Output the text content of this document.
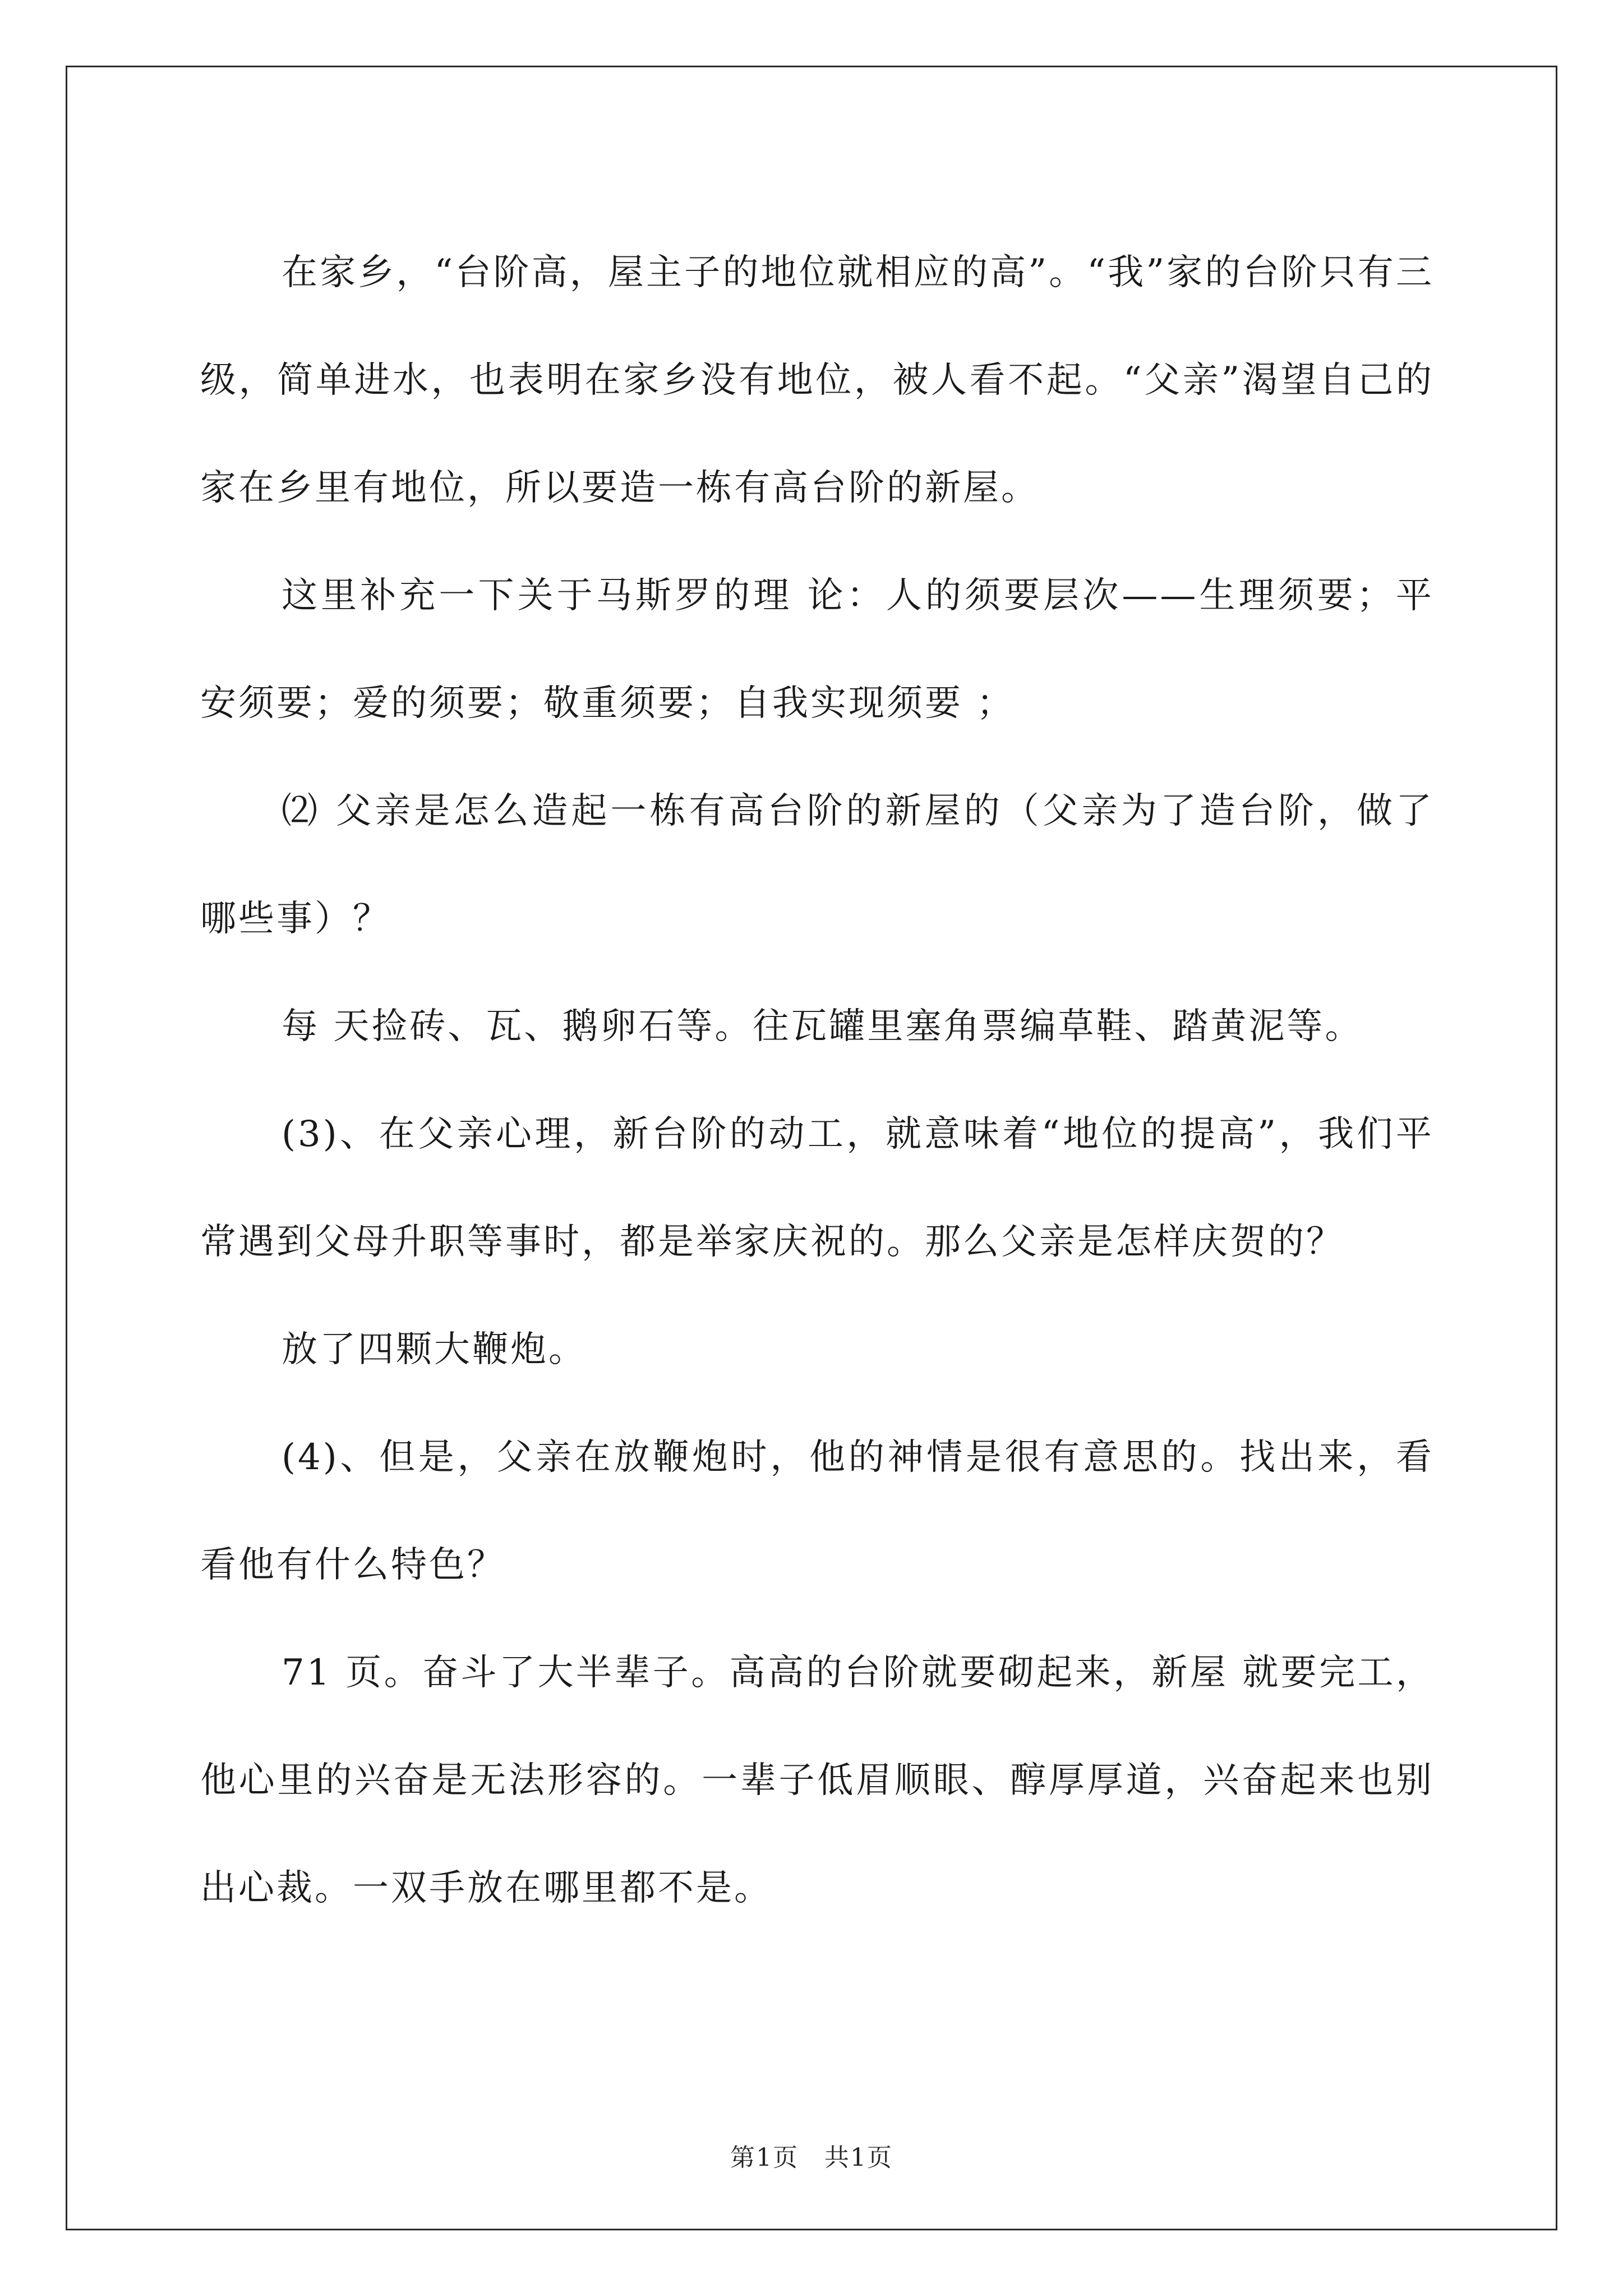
在家乡，“台阶高，屋主子的地位就相应的高”。“我”家的台阶只有三级，简单进水，也表明在家乡没有地位，被人看不起。“父亲”渴望自己的家在乡里有地位，所以要造一栋有高台阶的新屋。

这里补充一下关于马斯罗的理 论：人的须要层次——生理须要；平安须要；爱的须要；敬重须要；自我实现须要 ；

⑵ 父亲是怎么造起一栋有高台阶的新屋的（父亲为了造台阶，做了哪些事）？

每 天捡砖、瓦、鹅卵石等。往瓦罐里塞角票编草鞋、踏黄泥等。

(3)、在父亲心理，新台阶的动工，就意味着“地位的提高”，我们平常遇到父母升职等事时，都是举家庆祝的。那么父亲是怎样庆贺的？

放了四颗大鞭炮。

(4)、但是，父亲在放鞭炮时，他的神情是很有意思的。找出来，看看他有什么特色？

71 页。奋斗了大半辈子。高高的台阶就要砌起来，新屋 就要完工，他心里的兴奋是无法形容的。一辈子低眉顺眼、醇厚厚道，兴奋起来也别出心裁。一双手放在哪里都不是。

第1页　共1页
